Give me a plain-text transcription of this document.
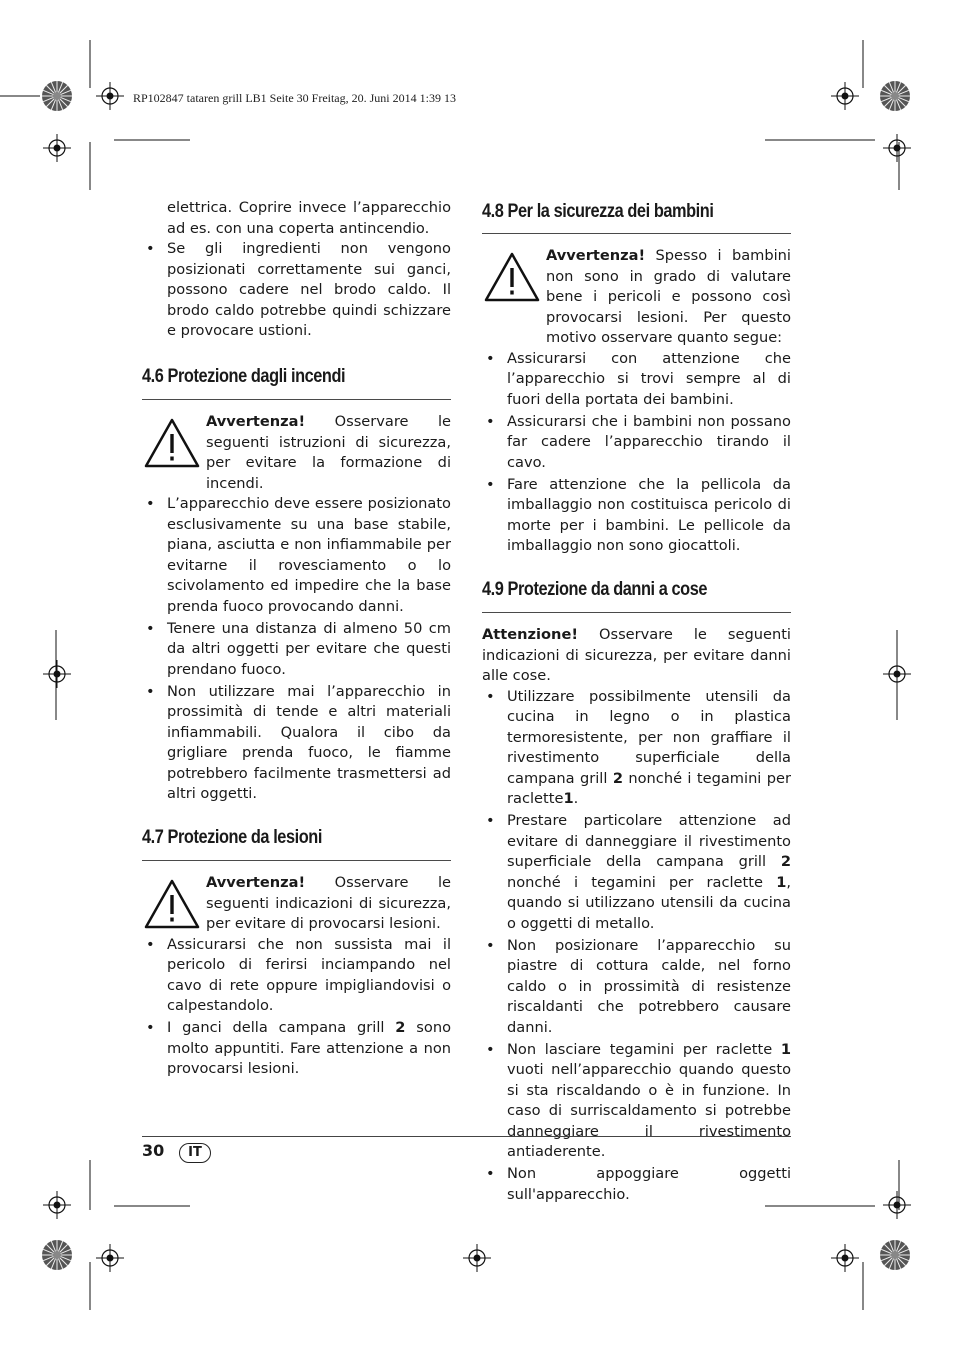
RP102847 tataren grill LB1 Seite 30 Freitag, 20. Juni 2014 1:39 13

elettrica. Coprire invece l’apparecchio ad es. con una coperta antincendio.

• Se gli ingredienti non vengono posizionati correttamente sui ganci, possono cadere nel brodo caldo. Il brodo caldo potrebbe quindi schizzare e provocare ustioni.
4.6 Protezione dagli incendi

Avvertenza! Osservare le seguenti istruzioni di sicurezza, per evitare la formazione di incendi.

• L’apparecchio deve essere posizionato esclusivamente su una base stabile, piana, asciutta e non infiammabile per evitarne il rovesciamento o lo scivolamento ed impedire che la base prenda fuoco provocando danni.
• Tenere una distanza di almeno 50 cm da altri oggetti per evitare che questi prendano fuoco.
• Non utilizzare mai l’apparecchio in prossimità di tende e altri materiali infiammabili. Qualora il cibo da grigliare prenda fuoco, le fiamme potrebbero facilmente trasmettersi ad altri oggetti.
4.7 Protezione da lesioni

Avvertenza! Osservare le seguenti indicazioni di sicurezza, per evitare di provocarsi lesioni.

• Assicurarsi che non sussista mai il pericolo di ferirsi inciampando nel cavo di rete oppure impigliandovisi o calpestandolo.
• I ganci della campana grill 2 sono molto appuntiti. Fare attenzione a non provocarsi lesioni.
4.8 Per la sicurezza dei bambini

Avvertenza! Spesso i bambini non sono in grado di valutare bene i pericoli e possono così provocarsi lesioni. Per questo motivo osservare quanto segue:

• Assicurarsi con attenzione che l’apparecchio si trovi sempre al di fuori della portata dei bambini.
• Assicurarsi che i bambini non possano far cadere l’apparecchio tirando il cavo.
• Fare attenzione che la pellicola da imballaggio non costituisca pericolo di morte per i bambini. Le pellicole da imballaggio non sono giocattoli.
4.9 Protezione da danni a cose

Attenzione! Osservare le seguenti indicazioni di sicurezza, per evitare danni alle cose.

• Utilizzare possibilmente utensili da cucina in legno o in plastica termoresistente, per non graffiare il rivestimento superficiale della campana grill 2 nonché i tegamini per raclette1.
• Prestare particolare attenzione ad evitare di danneggiare il rivestimento superficiale della campana grill 2 nonché i tegamini per raclette 1, quando si utilizzano utensili da cucina o oggetti di metallo.
• Non posizionare l’apparecchio su piastre di cottura calde, nel forno caldo o in prossimità di resistenze riscaldanti che potrebbero causare danni.
• Non lasciare tegamini per raclette 1 vuoti nell’apparecchio quando questo si sta riscaldando o è in funzione. In caso di surriscaldamento si potrebbe danneggiare il rivestimento antiaderente.
• Non appoggiare oggetti sull'apparecchio.
30	IT
